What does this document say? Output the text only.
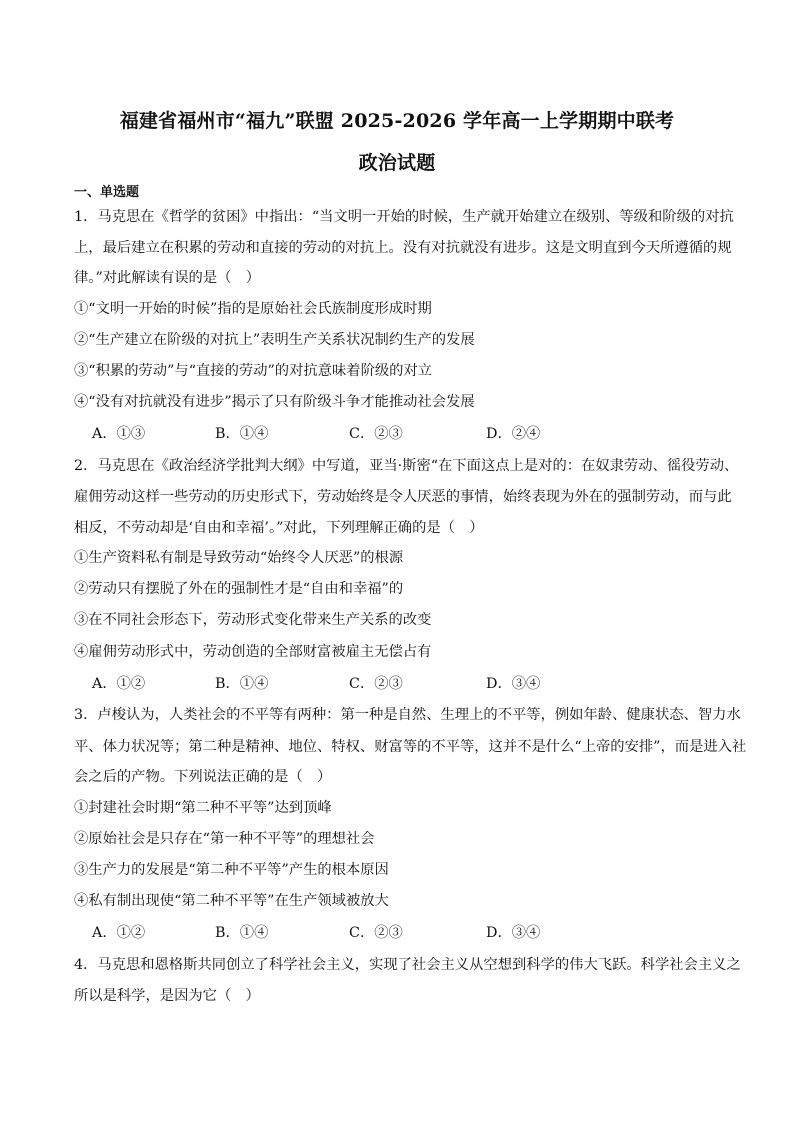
福建省福州市“福九”联盟 2025-2026 学年高一上学期期中联考
政治试题
一、单选题
1．马克思在《哲学的贫困》中指出：“当文明一开始的时候，生产就开始建立在级别、等级和阶级的对抗
上，最后建立在积累的劳动和直接的劳动的对抗上。没有对抗就没有进步。这是文明直到今天所遵循的规
律。”对此解读有误的是（　）
①“文明一开始的时候”指的是原始社会氏族制度形成时期
②“生产建立在阶级的对抗上”表明生产关系状况制约生产的发展
③“积累的劳动”与“直接的劳动”的对抗意味着阶级的对立
④“没有对抗就没有进步”揭示了只有阶级斗争才能推动社会发展
A．①③	B．①④	C．②③	D．②④
2．马克思在《政治经济学批判大纲》中写道，亚当·斯密“在下面这点上是对的：在奴隶劳动、徭役劳动、
雇佣劳动这样一些劳动的历史形式下，劳动始终是令人厌恶的事情，始终表现为外在的强制劳动，而与此
相反，不劳动却是‘自由和幸福’。”对此，下列理解正确的是（　）
①生产资料私有制是导致劳动“始终令人厌恶”的根源
②劳动只有摆脱了外在的强制性才是“自由和幸福”的
③在不同社会形态下，劳动形式变化带来生产关系的改变
④雇佣劳动形式中，劳动创造的全部财富被雇主无偿占有
A．①②	B．①④	C．②③	D．③④
3．卢梭认为，人类社会的不平等有两种：第一种是自然、生理上的不平等，例如年龄、健康状态、智力水
平、体力状况等；第二种是精神、地位、特权、财富等的不平等，这并不是什么“上帝的安排”，而是进入社
会之后的产物。下列说法正确的是（　）
①封建社会时期“第二种不平等”达到顶峰
②原始社会是只存在“第一种不平等”的理想社会
③生产力的发展是“第二种不平等”产生的根本原因
④私有制出现使“第二种不平等”在生产领域被放大
A．①②	B．①④	C．②③	D．③④
4．马克思和恩格斯共同创立了科学社会主义，实现了社会主义从空想到科学的伟大飞跃。科学社会主义之
所以是科学，是因为它（　）
